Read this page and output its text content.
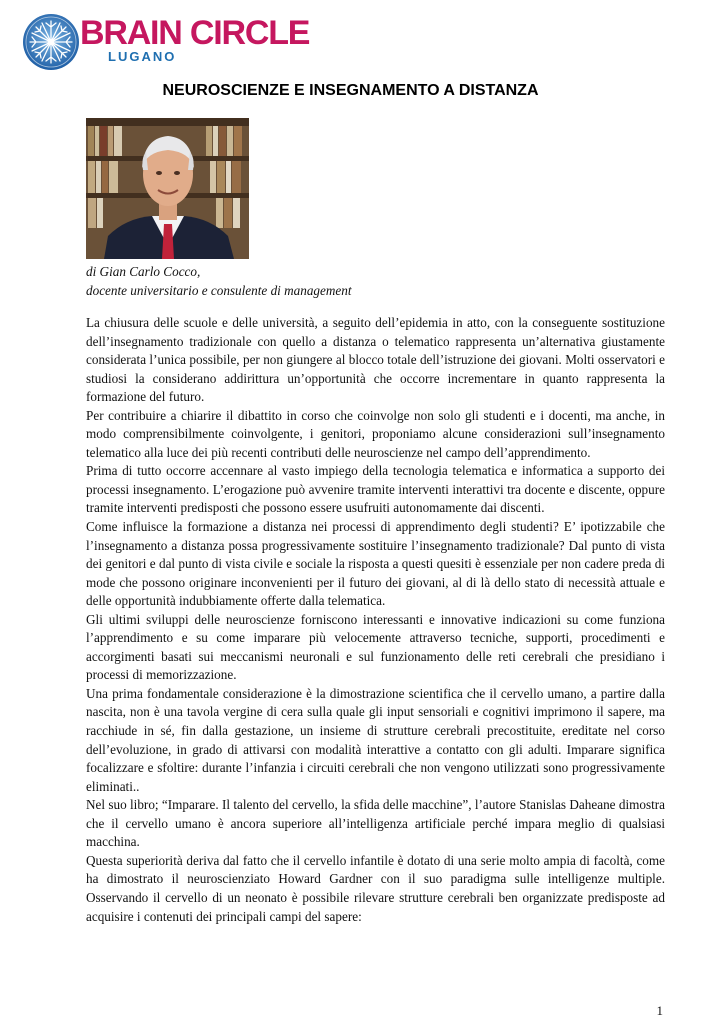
BRAIN CIRCLE
LUGANO
NEUROSCIENZE E INSEGNAMENTO A DISTANZA
di Gian Carlo Cocco,
docente universitario e consulente di management

La chiusura delle scuole e delle università, a seguito dell’epidemia in atto, con la conseguente sostituzione dell’insegnamento tradizionale con quello a distanza o telematico rappresenta un’alternativa giustamente considerata l’unica possibile, per non giungere al blocco totale dell’istruzione dei giovani. Molti osservatori e studiosi la considerano addirittura un’opportunità che occorre incrementare in quanto rappresenta la formazione del futuro.

Per contribuire a chiarire il dibattito in corso che coinvolge non solo gli studenti e i docenti, ma anche, in modo comprensibilmente coinvolgente, i genitori, proponiamo alcune considerazioni sull’insegnamento telematico alla luce dei più recenti contributi delle neuroscienze nel campo dell’apprendimento.

Prima di tutto occorre accennare al vasto impiego della tecnologia telematica e informatica a supporto dei processi insegnamento. L’erogazione può avvenire tramite interventi interattivi tra docente e discente, oppure tramite interventi predisposti che possono essere usufruiti autonomamente dai discenti.

Come influisce la formazione a distanza nei processi di apprendimento degli studenti? E’ ipotizzabile che l’insegnamento a distanza possa progressivamente sostituire l’insegnamento tradizionale? Dal punto di vista dei genitori e dal punto di vista civile e sociale la risposta a questi quesiti è essenziale per non cadere preda di mode che possono originare inconvenienti per il futuro dei giovani, al di là dello stato di necessità attuale e delle opportunità indubbiamente offerte dalla telematica.

Gli ultimi sviluppi delle neuroscienze forniscono interessanti e innovative indicazioni su come funziona l’apprendimento e su come imparare più velocemente attraverso tecniche, supporti, procedimenti e accorgimenti basati sui meccanismi neuronali e sul funzionamento delle reti cerebrali che presidiano i processi di memorizzazione.

Una prima fondamentale considerazione è la dimostrazione scientifica che il cervello umano, a partire dalla nascita, non è una tavola vergine di cera sulla quale gli input sensoriali e cognitivi imprimono il sapere, ma racchiude in sé, fin dalla gestazione, un insieme di strutture cerebrali precostituite, ereditate nel corso dell’evoluzione, in grado di attivarsi con modalità interattive a contatto con gli adulti. Imparare significa focalizzare e sfoltire: durante l’infanzia i circuiti cerebrali che non vengono utilizzati sono progressivamente eliminati..

Nel suo libro; “Imparare. Il talento del cervello, la sfida delle macchine”, l’autore Stanislas Daheane dimostra che il cervello umano è ancora superiore all’intelligenza artificiale perché impara meglio di qualsiasi macchina.

Questa superiorità deriva dal fatto che il cervello infantile è dotato di una serie molto ampia di facoltà, come ha dimostrato il neuroscienziato Howard Gardner con il suo paradigma sulle intelligenze multiple. Osservando il cervello di un neonato è possibile rilevare strutture cerebrali ben organizzate predisposte ad acquisire i contenuti dei principali campi del sapere:

1
